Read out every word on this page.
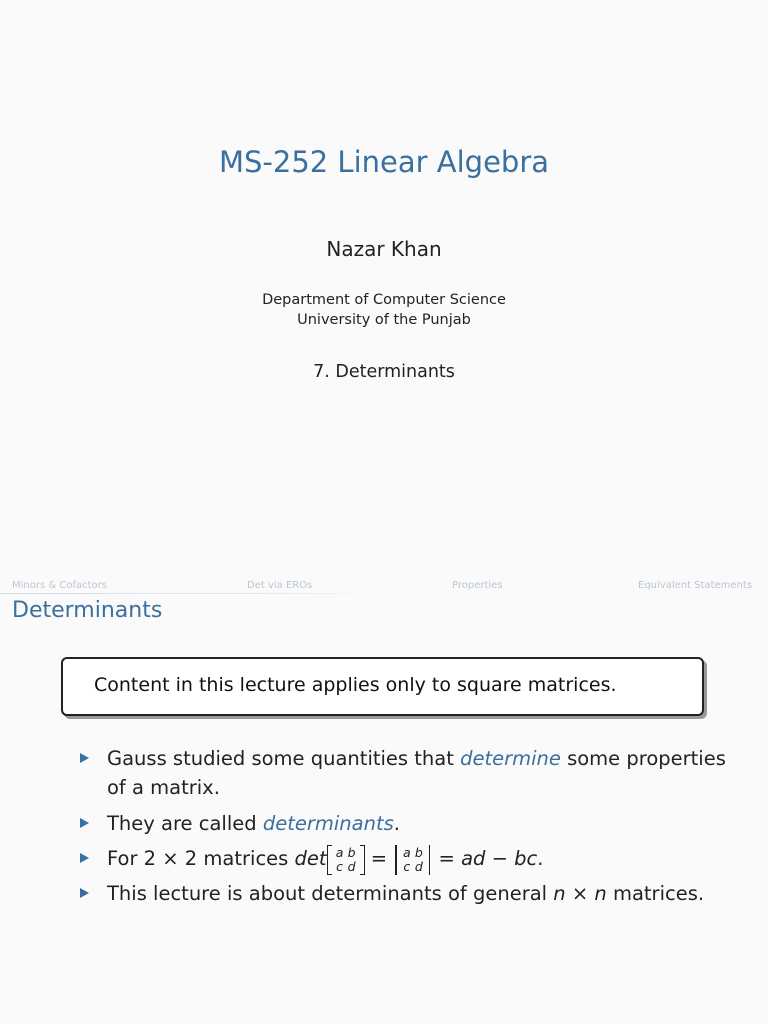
MS-252 Linear Algebra
Nazar Khan
Department of Computer Science
University of the Punjab
7. Determinants
Minors & Cofactors	Det via EROs	Properties	Equivalent Statements
Determinants
Content in this lecture applies only to square matrices.
Gauss studied some quantities that determine some properties
of a matrix.
They are called determinants.
For 2 × 2 matrices det a b
c d = a b
c d = ad − bc.
This lecture is about determinants of general n × n matrices.
